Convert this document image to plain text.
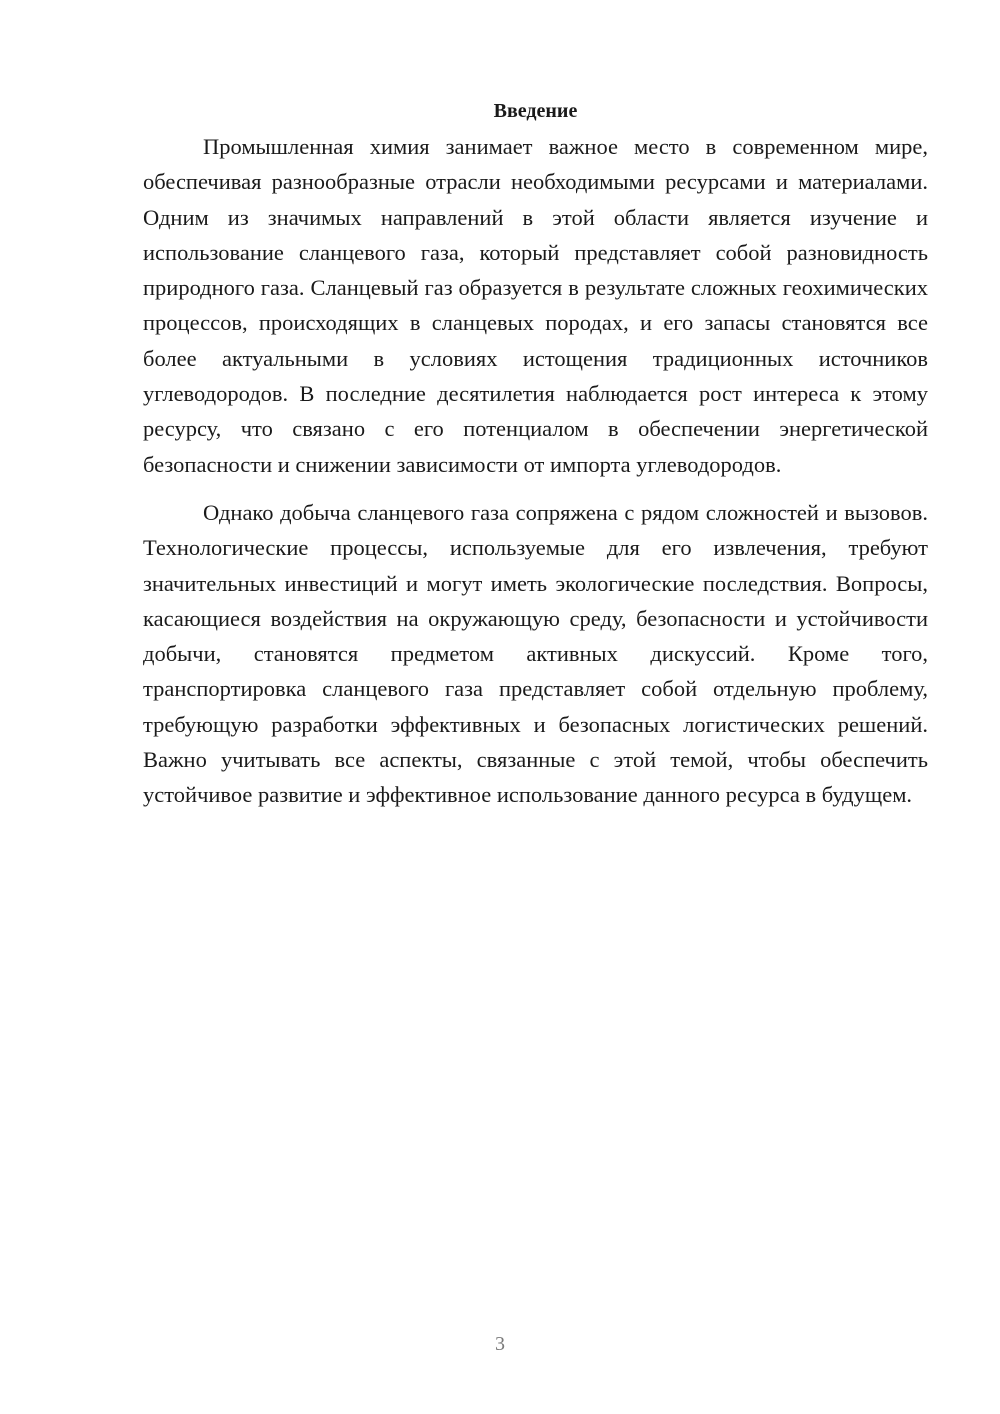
Введение

Промышленная химия занимает важное место в современном мире, обеспечивая разнообразные отрасли необходимыми ресурсами и материалами. Одним из значимых направлений в этой области является изучение и использование сланцевого газа, который представляет собой разновидность природного газа. Сланцевый газ образуется в результате сложных геохимических процессов, происходящих в сланцевых породах, и его запасы становятся все более актуальными в условиях истощения традиционных источников углеводородов. В последние десятилетия наблюдается рост интереса к этому ресурсу, что связано с его потенциалом в обеспечении энергетической безопасности и снижении зависимости от импорта углеводородов.

Однако добыча сланцевого газа сопряжена с рядом сложностей и вызовов. Технологические процессы, используемые для его извлечения, требуют значительных инвестиций и могут иметь экологические последствия. Вопросы, касающиеся воздействия на окружающую среду, безопасности и устойчивости добычи, становятся предметом активных дискуссий. Кроме того, транспортировка сланцевого газа представляет собой отдельную проблему, требующую разработки эффективных и безопасных логистических решений. Важно учитывать все аспекты, связанные с этой темой, чтобы обеспечить устойчивое развитие и эффективное использование данного ресурса в будущем.

3
